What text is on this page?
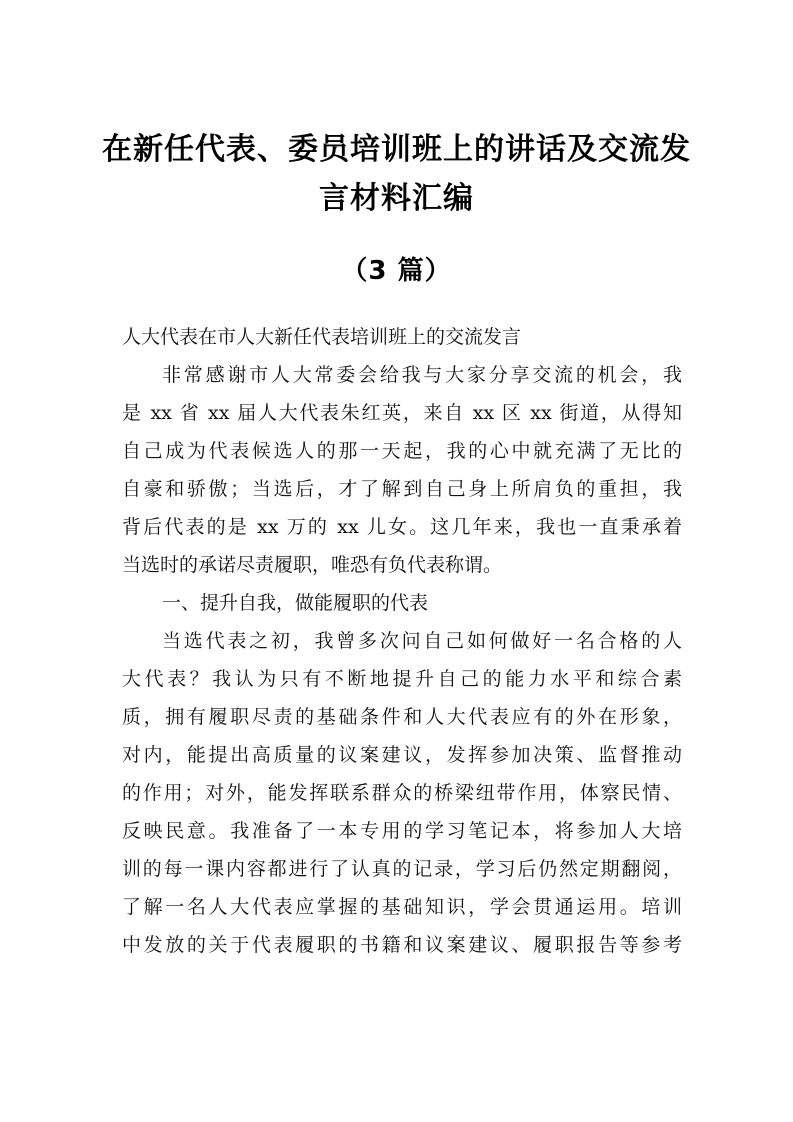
在新任代表、委员培训班上的讲话及交流发
言材料汇编
（3 篇）
人大代表在市人大新任代表培训班上的交流发言
非常感谢市人大常委会给我与大家分享交流的机会，我
是 xx 省 xx 届人大代表朱红英，来自 xx 区 xx 街道，从得知
自己成为代表候选人的那一天起，我的心中就充满了无比的
自豪和骄傲；当选后，才了解到自己身上所肩负的重担，我
背后代表的是 xx 万的 xx 儿女。这几年来，我也一直秉承着
当选时的承诺尽责履职，唯恐有负代表称谓。
一、提升自我，做能履职的代表
当选代表之初，我曾多次问自己如何做好一名合格的人
大代表？我认为只有不断地提升自己的能力水平和综合素
质，拥有履职尽责的基础条件和人大代表应有的外在形象，
对内，能提出高质量的议案建议，发挥参加决策、监督推动
的作用；对外，能发挥联系群众的桥梁纽带作用，体察民情、
反映民意。我准备了一本专用的学习笔记本，将参加人大培
训的每一课内容都进行了认真的记录，学习后仍然定期翻阅，
了解一名人大代表应掌握的基础知识，学会贯通运用。培训
中发放的关于代表履职的书籍和议案建议、履职报告等参考
